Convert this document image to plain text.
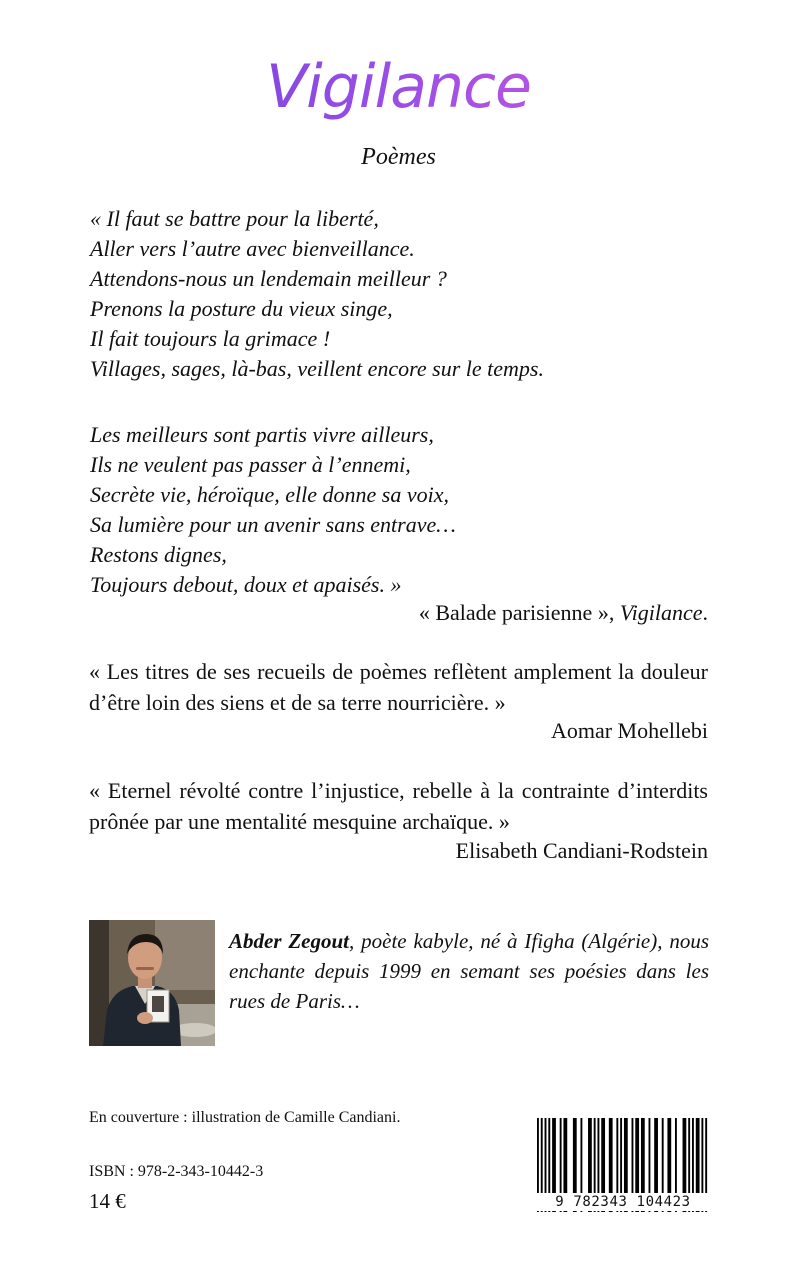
Vigilance
Poèmes
« Il faut se battre pour la liberté,
Aller vers l’autre avec bienveillance.
Attendons-nous un lendemain meilleur ?
Prenons la posture du vieux singe,
Il fait toujours la grimace !
Villages, sages, là-bas, veillent encore sur le temps.
Les meilleurs sont partis vivre ailleurs,
Ils ne veulent pas passer à l’ennemi,
Secrète vie, héroïque, elle donne sa voix,
Sa lumière pour un avenir sans entrave…
Restons dignes,
Toujours debout, doux et apaisés. »
« Balade parisienne », Vigilance.
« Les titres de ses recueils de poèmes reflètent amplement la douleur d’être loin des siens et de sa terre nourricière. »
Aomar Mohellebi
« Eternel révolté contre l’injustice, rebelle à la contrainte d’interdits prônée par une mentalité mesquine archaïque. »
Elisabeth Candiani-Rodstein
Abder Zegout, poète kabyle, né à Ifigha (Algérie), nous enchante depuis 1999 en semant ses poésies dans les rues de Paris…
En couverture : illustration de Camille Candiani.
ISBN : 978-2-343-10442-3
14 €	9 782343 104423
